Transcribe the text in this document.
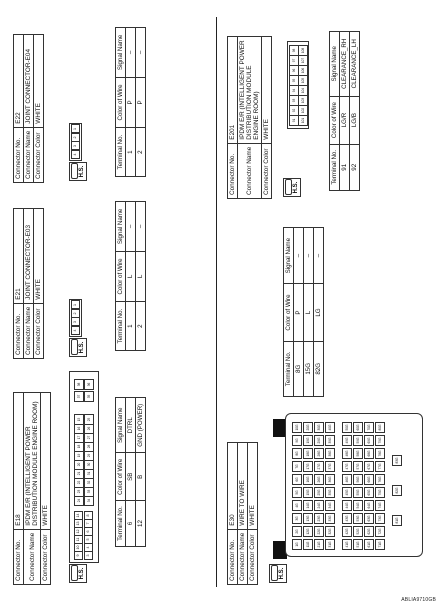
Connector No.	E18
Connector Name	IPDM E/R (INTELLIGENT POWER DISTRIBUTION MODULE ENGINE ROOM)
Connector Color	WHITE
H.S.
9
10
11
12
13
14
3
4
5
6
7
8
24
23
22
21
20
19
18
17
16
15
34
33
32
31
30
29
28
27
26
25
37
38
35
36
Terminal No.	Color of Wire	Signal Name
6	SB	DTRL
12	B	GND (POWER)
Connector No.	E21
Connector Name	JOINT CONNECTOR-E03
Connector Color	WHITE
H.S.
4
3
2
1
Terminal No.	Color of Wire	Signal Name
1	L	–
2	L	–
Connector No.	E22
Connector Name	JOINT CONNECTOR-E04
Connector Color	WHITE
H.S.
4
3
2
1
Terminal No.	Color of Wire	Signal Name
1	P	–
2	P	–
Connector No.	E30
Connector Name	WIRE TO WIRE
Connector Color	WHITE
H.S.
1G
2G
3G
4G
5G
6G
7G
8G
9G
10G
11G
12G
13G
14G
15G
16G
17G
18G
19G
20G
21G
22G
23G
24G
25G
26G
27G
28G
29G
30G
31G
32G
33G
34G
35G
36G
37G
38G
39G
40G
41G
42G
43G
44G
45G
46G
47G
48G
49G
50G
51G
52G
53G
54G
55G
56G
57G
58G
59G
60G
61G
62G
63G
64G
65G
66G
67G
68G
69G
70G
71G
72G
73G
74G
75G
76G
77G
78G
79G
80G
81G
82G
83G
Terminal No.	Color of Wire	Signal Name
8G	P	–
15G	L	–
82G	LG	–
Connector No.	E201
Connector Name	IPDM E/R (INTELLIGENT POWER DISTRIBUTION MODULE ENGINE ROOM)
Connector Color	WHITE
H.S.
91
92
93
94
95
96
97
98
101
102
103
104
105
106
107
108
Terminal No.	Color of Wire	Signal Name
91	LG/R	CLEARANCE_RH
92	LG/B	CLEARANCE_LH
ABLIA9710GB
